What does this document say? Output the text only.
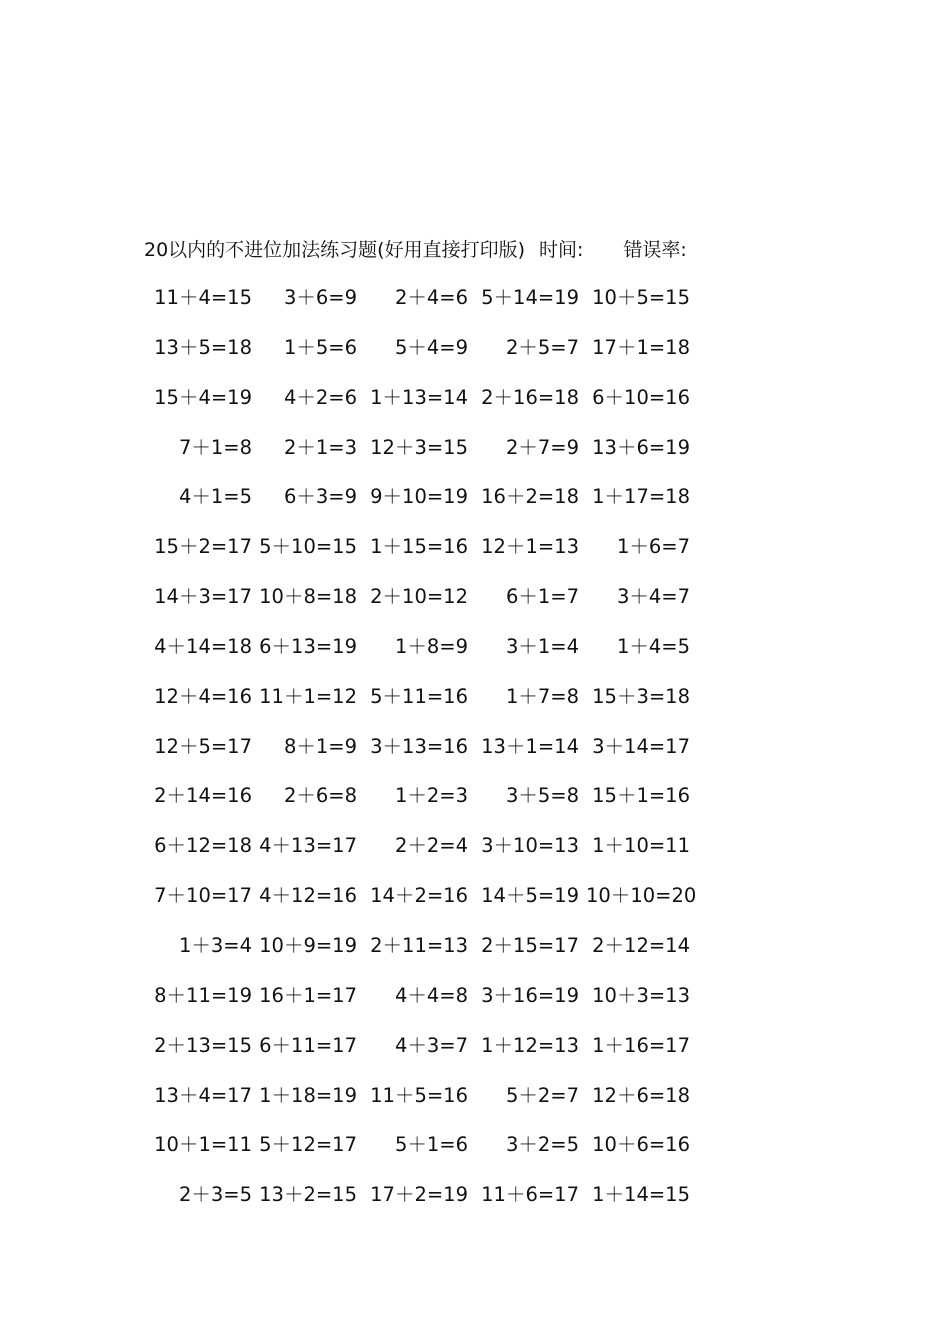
20以内的不进位加法练习题(好用直接打印版) 时间: 错误率:
11＋4=15	3＋6=9	2＋4=6 5＋14=19 10＋5=15
13＋5=18	1＋5=6	5＋4=9	2＋5=7 17＋1=18
15＋4=19	4＋2=6 1＋13=14 2＋16=18 6＋10=16
7＋1=8	2＋1=3 12＋3=15	2＋7=9 13＋6=19
4＋1=5	6＋3=9 9＋10=19 16＋2=18 1＋17=18
15＋2=17 5＋10=15 1＋15=16 12＋1=13	1＋6=7
14＋3=17 10＋8=18 2＋10=12	6＋1=7	3＋4=7
4＋14=18 6＋13=19	1＋8=9	3＋1=4	1＋4=5
12＋4=16 11＋1=12 5＋11=16	1＋7=8 15＋3=18
12＋5=17	8＋1=9 3＋13=16 13＋1=14 3＋14=17
2＋14=16	2＋6=8	1＋2=3	3＋5=8 15＋1=16
6＋12=18 4＋13=17	2＋2=4 3＋10=13 1＋10=11
7＋10=17 4＋12=16 14＋2=16 14＋5=19 10＋10=20
1＋3=4 10＋9=19 2＋11=13 2＋15=17 2＋12=14
8＋11=19 16＋1=17	4＋4=8 3＋16=19 10＋3=13
2＋13=15 6＋11=17	4＋3=7 1＋12=13 1＋16=17
13＋4=17 1＋18=19 11＋5=16	5＋2=7 12＋6=18
10＋1=11 5＋12=17	5＋1=6	3＋2=5 10＋6=16
2＋3=5 13＋2=15 17＋2=19 11＋6=17 1＋14=15
